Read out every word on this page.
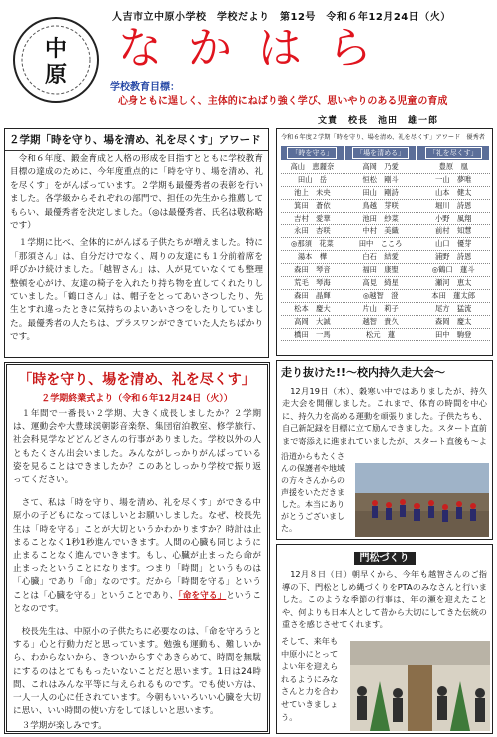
人吉市立中原小学校　学校だより　第12号　令和６年12月24日（火）
中
原
なかはら
学校教育目標：
心身ともに逞しく、主体的にねばり強く学び、思いやりのある児童の育成
文責　校長　池田　雄一郎
２学期「時を守り、場を清め、礼を尽くす」アワード

令和６年度、鍛金育成と人格の形成を目指すとともに学校教育目標の達成のために、今年度重点的に「時を守り、場を清め、礼を尽くす」をがんばっています。２学期も最優秀者の表彰を行いました。各学級からそれぞれの部門で、担任の先生から推薦してもらい、最優秀者を決定しました。（◎は最優秀者、氏名は敬称略です）

１学期に比べ、全体的にがんばる子供たちが増えました。特に「那須さん」は、自分だけでなく、周りの友達にも１分前着席を呼びかけ続けました。「越智さん」は、人が見ていなくても整理整頓を心がけ、友達の椅子を入れたり持ち物を直してくれたりしていました。「鶴口さん」は、帽子をとってあいさつしたり、先生とすれ違ったときに気持ちのよいあいさつをしたりしていました。最優秀者の人たちは、プラスワンができていた人たちばかりです。

令和６年度２学期「時を守り、場を清め、礼を尽くす」アワード　優秀者
「時を守る」	「場を清める」	「礼を尽くす」
高山　恵麗奈	高岡　乃愛	豊原　凰
田山　岳	恒松　剛斗	一山　夢唯
池上　未央	田山　剛詩	山本　健太
箕田　蒼依	鳥越　芽咲	堀川　詩恩
吉村　愛華	池田　紗菜	小野　風翔
永田　杏咲	中村　美織	前村　知慧
◎那須　花菜	田中　こころ	山口　優芽
湯本　樺	白石　結愛	浦野　詩恩
森田　琴音	福田　康聖	◎鶴口　蓮斗
荒毛　琴海	高見　綺星	瀬河　恵太
森田　晶輝	◎越智　澄	本田　蓮太郎
松本　慶大	片山　莉子	尾方　猛流
高岡　大誠	越智　貴久	森岡　慶太
橋田　一馬	松元　蓮	田中　駒登
「時を守り、場を清め、礼を尽くす」
２学期終業式より（令和６年12月24日（火））

１年間で一番長い２学期、大きく成長しましたか？２学期は、運動会や大豊球渓朝影音楽祭、集団宿泊教室、修学旅行、社会科見学などどんどさんの行事がありました。学校以外の人ともたくさん出会いました。みんながしっかりがんばっている姿を見ることはできましたか？このあとしっかり学校で振り返ってください。

さて、私は「時を守り、場を清め、礼を尽くす」ができる中原小の子どもになってほしいとお願いしました。なぜ、校長先生は「時を守る」ことが大切というかわかりますか？時計は止まることなく1秒1秒進んでいきます。人間の心臓も同じように止まることなく進んでいきます。もし、心臓が止まったら命が止まったということになります。つまり「時間」というものは「心臓」であり「命」なのです。だから「時間を守る」ということは「心臓を守る」ということであり、「命を守る」ということなのです。

校長先生は、中原小の子供たちに必要なのは、「命を守ろうとする」心と行動力だと思っています。勉強も運動も、難しいから、わからないから、きついからすぐあきらめて、時間を無駄にするのはとてももったいないことだと思います。1日は24時間、これはみんな平等に与えられるものです。でも使い方は、一人一人の心に任されています。今朝もいいろいい心臓を大切に思い、いい時間の使い方をしてほしいと思います。

３学期が楽しみです。

走り抜けた!!～校内持久走大会～

12月19日（木）、穀寒い中ではありましたが、持久走大会を開催しました。これまで、体育の時間を中心に、持久力を高める運動を頑張りました。子供たちも、自己新記録を目標に立て励んできました。スタート直前まで寄添えに進まれていましたが、スタート直後も〜よ

沿道からもたくさんの保護者や地域の方々さんからの声援をいただきました。本当にありがとうございました。

門松づくり

12月８日（日）朝早くから、今年も越智さんのご指導の下、門松としめ縄づくりをPTAのみなさんと行いました。このような季節の行事は、年の瀬を迎えたことや、何よりも日本人として昔から大切にしてきた伝統の重さを感じさせてくれます。

そして、来年も中原小にとってよい年を迎えられるようにみなさんと力を合わせていきましょう。
